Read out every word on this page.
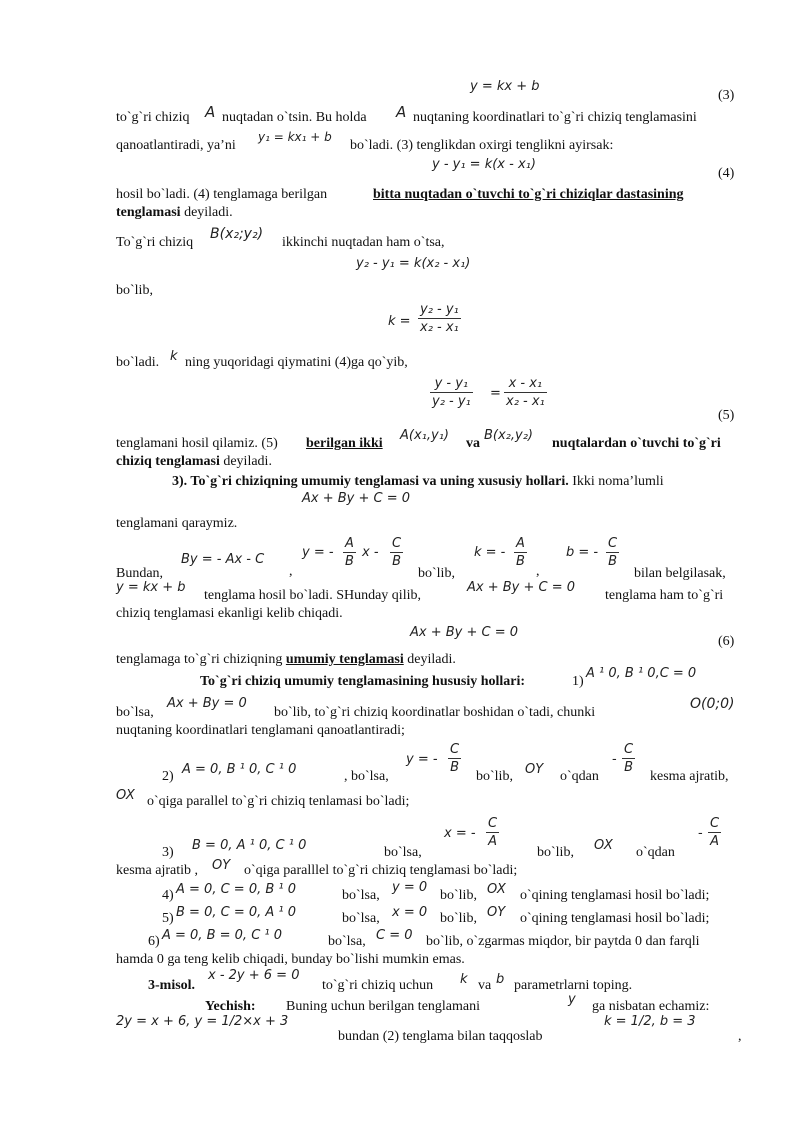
y = kx + b
(3)
to`g`ri chiziq A nuqtadan o`tsin. Bu holda A nuqtaning koordinatlari to`g`ri chiziq tenglamasini
qanoatlantiradi, ya’ni
y₁ = kx₁ + b
bo`ladi. (3) tenglikdan oxirgi tenglikni ayirsak:
y - y₁ = k(x - x₁)
(4)
hosil bo`ladi. (4) tenglamaga berilgan	bitta nuqtadan o`tuvchi to`g`ri chiziqlar dastasining
tenglamasi deyiladi.
To`g`ri chiziq
B(x₂;y₂)
ikkinchi nuqtadan ham o`tsa,
y₂ - y₁ = k(x₂ - x₁)
bo`lib,
$k = \frac{\text{y₂ - y₁}}{\text{x₂ - x₁}}$
bo`ladi. k ning yuqoridagi qiymatini (4)ga qo`yib,
$\frac{\text{y - y₁}}{\text{y₂ - y₁}} = \frac{\text{x - x₁}}{\text{x₂ - x₁}}$
(5)
tenglamani hosil qilamiz. (5) berilgan ikki
A(x₁,y₁)
va
B(x₂,y₂)
nuqtalardan o`tuvchi to`g`ri
chiziq tenglamasi deyiladi.
3). To`g`ri chiziqning umumiy tenglamasi va uning xususiy hollari. Ikki noma’lumli
Ax + By + C = 0
tenglamani qaraymiz.
Bundan,
By = - Ax - C
,
y = - $\frac{A}{B}$ x - $\frac{C}{B}$
bo`lib,
k = - $\frac{A}{B}$
,
b = - $\frac{C}{B}$
bilan belgilasak,
y = kx + b
tenglama hosil bo`ladi. SHunday qilib,
Ax + By + C = 0
tenglama ham to`g`ri
chiziq tenglamasi ekanligi kelib chiqadi.
Ax + By + C = 0
(6)
tenglamaga to`g`ri chiziqning umumiy tenglamasi deyiladi.
To`g`ri chiziq umumiy tenglamasining hususiy hollari:	1)
A ¹ 0, B ¹ 0,C = 0
bo`lsa,
Ax + By = 0
bo`lib, to`g`ri chiziq koordinatlar boshidan o`tadi, chunki
O(0;0)
nuqtaning koordinatlari tenglamani qanoatlantiradi;
2) A = 0, B ¹ 0, C ¹ 0	, bo`lsa,
y = - $\frac{C}{B}$
bo`lib, OY o`qdan
- $\frac{C}{B}$
kesma ajratib,
OX o`qiga parallel to`g`ri chiziq tenlamasi bo`ladi;
3) B = 0, A ¹ 0, C ¹ 0	bo`lsa,
x = - $\frac{C}{A}$
bo`lib, OX o`qdan
- $\frac{C}{A}$
kesma ajratib , OY o`qiga paralllel to`g`ri chiziq tenglamasi bo`ladi;
4) A = 0, C = 0, B ¹ 0	bo`lsa,
y = 0
bo`lib, OX o`qining tenglamasi hosil bo`ladi;
5) B = 0, C = 0, A ¹ 0	bo`lsa, x = 0 bo`lib, OY o`qining tenglamasi hosil bo`ladi;
6) A = 0, B = 0, C ¹ 0	bo`lsa, C = 0 bo`lib, o`zgarmas miqdor, bir paytda 0 dan farqli
hamda 0 ga teng kelib chiqadi, bunday bo`lishi mumkin emas.
3-misol.
x - 2y + 6 = 0
to`g`ri chiziq uchun k va b parametrlarni toping.
Yechish: Buning uchun berilgan tenglamani	y ga nisbatan echamiz:
2y = x + 6, y = 1/2×x + 3
bundan (2) tenglama bilan taqqoslab
k = 1/2, b = 3
,
